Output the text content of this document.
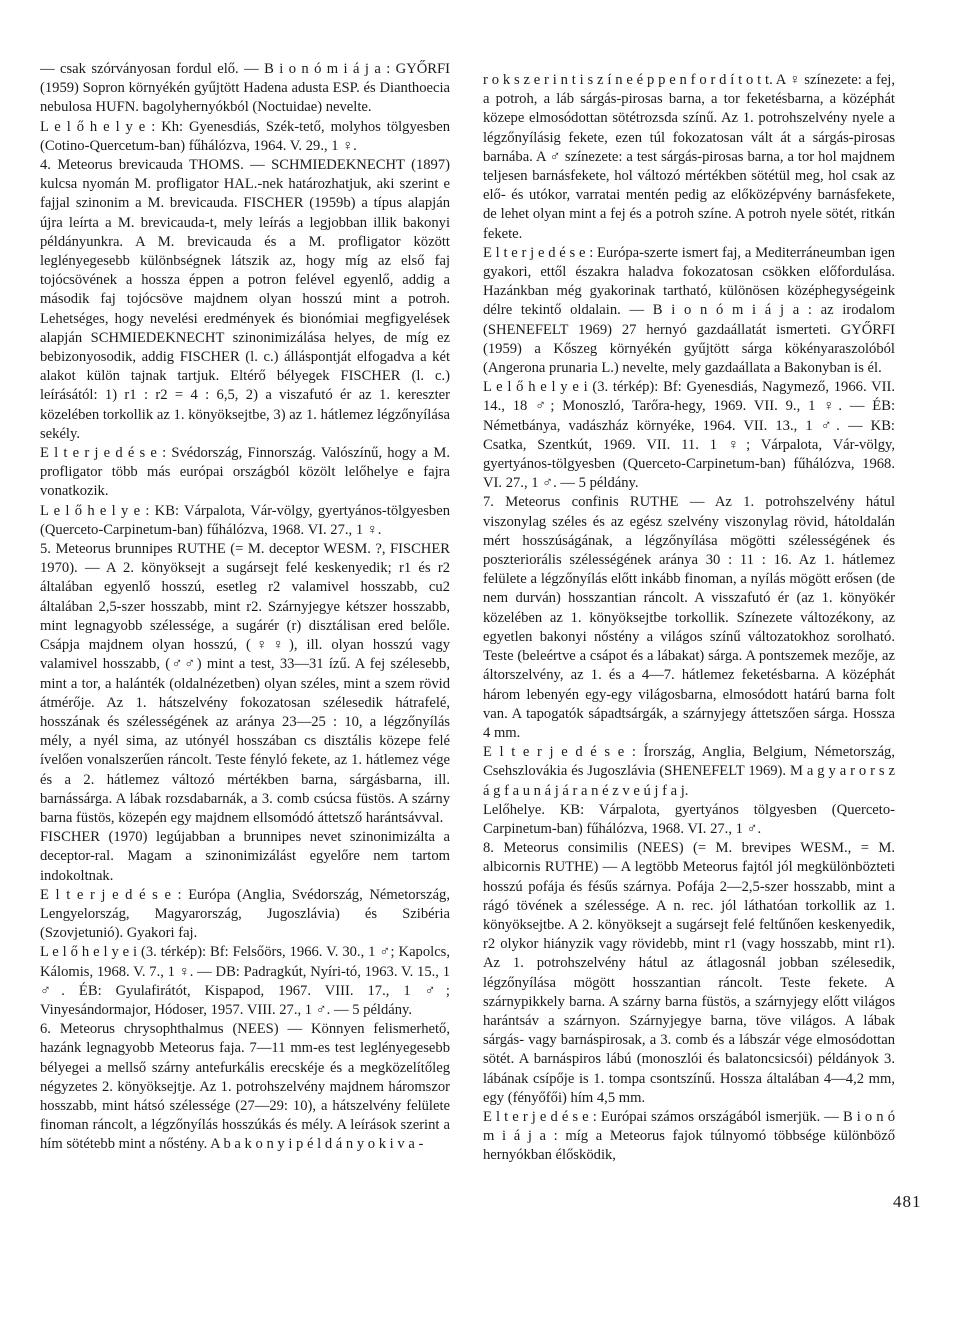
— csak szórványosan fordul elő. — B i o n ó m i á j a : GYŐRFI (1959) Sopron környékén gyűjtött Hadena adusta ESP. és Dianthoecia nebulosa HUFN. bagolyhernyókból (Noctuidae) nevelte.

L e l ő h e l y e : Kh: Gyenesdiás, Szék-tető, molyhos tölgyesben (Cotino-Quercetum-ban) fűhálózva, 1964. V. 29., 1 ♀.

4. Meteorus brevicauda THOMS. — SCHMIEDEKNECHT (1897) kulcsa nyomán M. profligator HAL.-nek határozhatjuk, aki szerint e fajjal szinonim a M. brevicauda. FISCHER (1959b) a típus alapján újra leírta a M. brevicauda-t, mely leírás a legjobban illik bakonyi példányunkra. A M. brevicauda és a M. profligator között leglényegesebb különbségnek látszik az, hogy míg az első faj tojócsövének a hossza éppen a potron felével egyenlő, addig a második faj tojócsöve majdnem olyan hosszú mint a potroh. Lehetséges, hogy nevelési eredmények és bionómiai megfigyelések alapján SCHMIEDEKNECHT szinonimizálása helyes, de míg ez bebizonyosodik, addig FISCHER (l. c.) álláspontját elfogadva a két alakot külön tajnak tartjuk. Eltérő bélyegek FISCHER (l. c.) leírásától: 1) r1 : r2 = 4 : 6,5, 2) a viszafutó ér az 1. kereszter közelében torkollik az 1. könyöksejtbe, 3) az 1. hátlemez légzőnyílása sekély.

E l t e r j e d é s e : Svédország, Finnország. Valószínű, hogy a M. profligator több más európai országból közölt lelőhelye e fajra vonatkozik.

L e l ő h e l y e : KB: Várpalota, Vár-völgy, gyertyános-tölgyesben (Querceto-Carpinetum-ban) fűhálózva, 1968. VI. 27., 1 ♀.

5. Meteorus brunnipes RUTHE (= M. deceptor WESM. ?, FISCHER 1970). — A 2. könyöksejt a sugársejt felé keskenyedik; r1 és r2 általában egyenlő hosszú, esetleg r2 valamivel hosszabb, cu2 általában 2,5-szer hosszabb, mint r2. Szárnyjegye kétszer hosszabb, mint legnagyobb szélessége, a sugárér (r) disztálisan ered belőle. Csápja majdnem olyan hosszú, (♀♀), ill. olyan hosszú vagy valamivel hosszabb, (♂♂) mint a test, 33—31 ízű. A fej szélesebb, mint a tor, a halánték (oldalnézetben) olyan széles, mint a szem rövid átmérője. Az 1. hátszelvény fokozatosan szélesedik hátrafelé, hosszának és szélességének az aránya 23—25 : 10, a légzőnyílás mély, a nyél sima, az utónyél hosszában cs disztális közepe felé ívelően vonalszerűen ráncolt. Teste fényló fekete, az 1. hátlemez vége és a 2. hátlemez változó mértékben barna, sárgásbarna, ill. barnássárga. A lábak rozsdabarnák, a 3. comb csúcsa füstös. A szárny barna füstös, közepén egy majdnem ellsomódó áttetsző harántsávval.

FISCHER (1970) legújabban a brunnipes nevet szinonimizálta a deceptor-ral. Magam a szinonimizálást egyelőre nem tartom indokoltnak.

E l t e r j e d é s e : Európa (Anglia, Svédország, Németország, Lengyelország, Magyarország, Jugoszlávia) és Szibéria (Szovjetunió). Gyakori faj.

L e l ő h e l y e i (3. térkép): Bf: Felsőörs, 1966. V. 30., 1 ♂; Kapolcs, Kálomis, 1968. V. 7., 1 ♀. — DB: Padragkút, Nyíri-tó, 1963. V. 15., 1 ♂. ÉB: Gyulafirátót, Kispapod, 1967. VIII. 17., 1 ♂; Vinyesándormajor, Hódoser, 1957. VIII. 27., 1 ♂. — 5 példány.

6. Meteorus chrysophthalmus (NEES) — Könnyen felismerhető, hazánk legnagyobb Meteorus faja. 7—11 mm-es test leglényegesebb bélyegei a mellső szárny antefurkális erecskéje és a megközelítőleg négyzetes 2. könyöksejtje. Az 1. potrohszelvény majdnem háromszor hosszabb, mint hátsó szélessége (27—29: 10), a hátszelvény felülete finoman ráncolt, a légzőnyílás hosszúkás és mély. A leírások szerint a hím sötétebb mint a nőstény. A b a k o n y i p é l d á n y o k i v a -

r o k s z e r i n t i s z í n e é p p e n f o r d í t o t t. A ♀ színezete: a fej, a potroh, a láb sárgás-pirosas barna, a tor feketésbarna, a középhát közepe elmosódottan sötétrozsda színű. Az 1. potrohszelvény nyele a légzőnyílásig fekete, ezen túl fokozatosan vált át a sárgás-pirosas barnába. A ♂ színezete: a test sárgás-pirosas barna, a tor hol majdnem teljesen barnásfekete, hol változó mértékben sötétül meg, hol csak az elő- és utókor, varratai mentén pedig az előközépvény barnásfekete, de lehet olyan mint a fej és a potroh színe. A potroh nyele sötét, ritkán fekete.

E l t e r j e d é s e : Európa-szerte ismert faj, a Mediterráneumban igen gyakori, ettől északra haladva fokozatosan csökken előfordulása. Hazánkban még gyakorinak tartható, különösen középhegységeink délre tekintő oldalain. — B i o n ó m i á j a : az irodalom (SHENEFELT 1969) 27 hernyó gazdaállatát ismerteti. GYŐRFI (1959) a Kőszeg környékén gyűjtött sárga kökényaraszolóból (Angerona prunaria L.) nevelte, mely gazdaállata a Bakonyban is él.

L e l ő h e l y e i (3. térkép): Bf: Gyenesdiás, Nagymező, 1966. VII. 14., 18 ♂; Monoszló, Tarőra-hegy, 1969. VII. 9., 1 ♀. — ÉB: Németbánya, vadászház környéke, 1964. VII. 13., 1 ♂. — KB: Csatka, Szentkút, 1969. VII. 11. 1 ♀; Várpalota, Vár-völgy, gyertyános-tölgyesben (Querceto-Carpinetum-ban) fűhálózva, 1968. VI. 27., 1 ♂. — 5 példány.

7. Meteorus confinis RUTHE — Az 1. potrohszelvény hátul viszonylag széles és az egész szelvény viszonylag rövid, hátoldalán mért hosszúságának, a légzőnyílása mögötti szélességének és poszteriorális szélességének aránya 30 : 11 : 16. Az 1. hátlemez felülete a légzőnyílás előtt inkább finoman, a nyílás mögött erősen (de nem durván) hosszantian ráncolt. A visszafutó ér (az 1. könyökér közelében az 1. könyöksejtbe torkollik. Színezete változékony, az egyetlen bakonyi nőstény a világos színű változatokhoz sorolható. Teste (beleértve a csápot és a lábakat) sárga. A pontszemek mezője, az áltorszelvény, az 1. és a 4—7. hátlemez feketésbarna. A középhát három lebenyén egy-egy világosbarna, elmosódott határú barna folt van. A tapogatók sápadtsárgák, a szárnyjegy áttetszően sárga. Hossza 4 mm.

E l t e r j e d é s e : Írország, Anglia, Belgium, Németország, Csehszlovákia és Jugoszlávia (SHENEFELT 1969). M a g y a r o r s z á g f a u n á j á r a n é z v e ú j f a j.

Lelőhelye. KB: Várpalota, gyertyános tölgyesben (Querceto-Carpinetum-ban) fűhálózva, 1968. VI. 27., 1 ♂.

8. Meteorus consimilis (NEES) (= M. brevipes WESM., = M. albicornis RUTHE) — A legtöbb Meteorus fajtól jól megkülönbözteti hosszú pofája és fésűs szárnya. Pofája 2—2,5-szer hosszabb, mint a rágó tövének a szélessége. A n. rec. jól láthatóan torkollik az 1. könyöksejtbe. A 2. könyöksejt a sugársejt felé feltűnően keskenyedik, r2 olykor hiányzik vagy rövidebb, mint r1 (vagy hosszabb, mint r1). Az 1. potrohszelvény hátul az átlagosnál jobban szélesedik, légzőnyílása mögött hosszantian ráncolt. Teste fekete. A szárnypikkely barna. A szárny barna füstös, a szárnyjegy előtt világos harántsáv a szárnyon. Szárnyjegye barna, töve világos. A lábak sárgás- vagy barnáspirosak, a 3. comb és a lábszár vége elmosódottan sötét. A barnáspiros lábú (monoszlói és balatoncsicsói) példányok 3. lábának csípője is 1. tompa csontszínű. Hossza általában 4—4,2 mm, egy (fényőfői) hím 4,5 mm.

E l t e r j e d é s e : Európai számos országából ismerjük. — B i o n ó m i á j a : míg a Meteorus fajok túlnyomó többsége különböző hernyókban élősködik,

481
